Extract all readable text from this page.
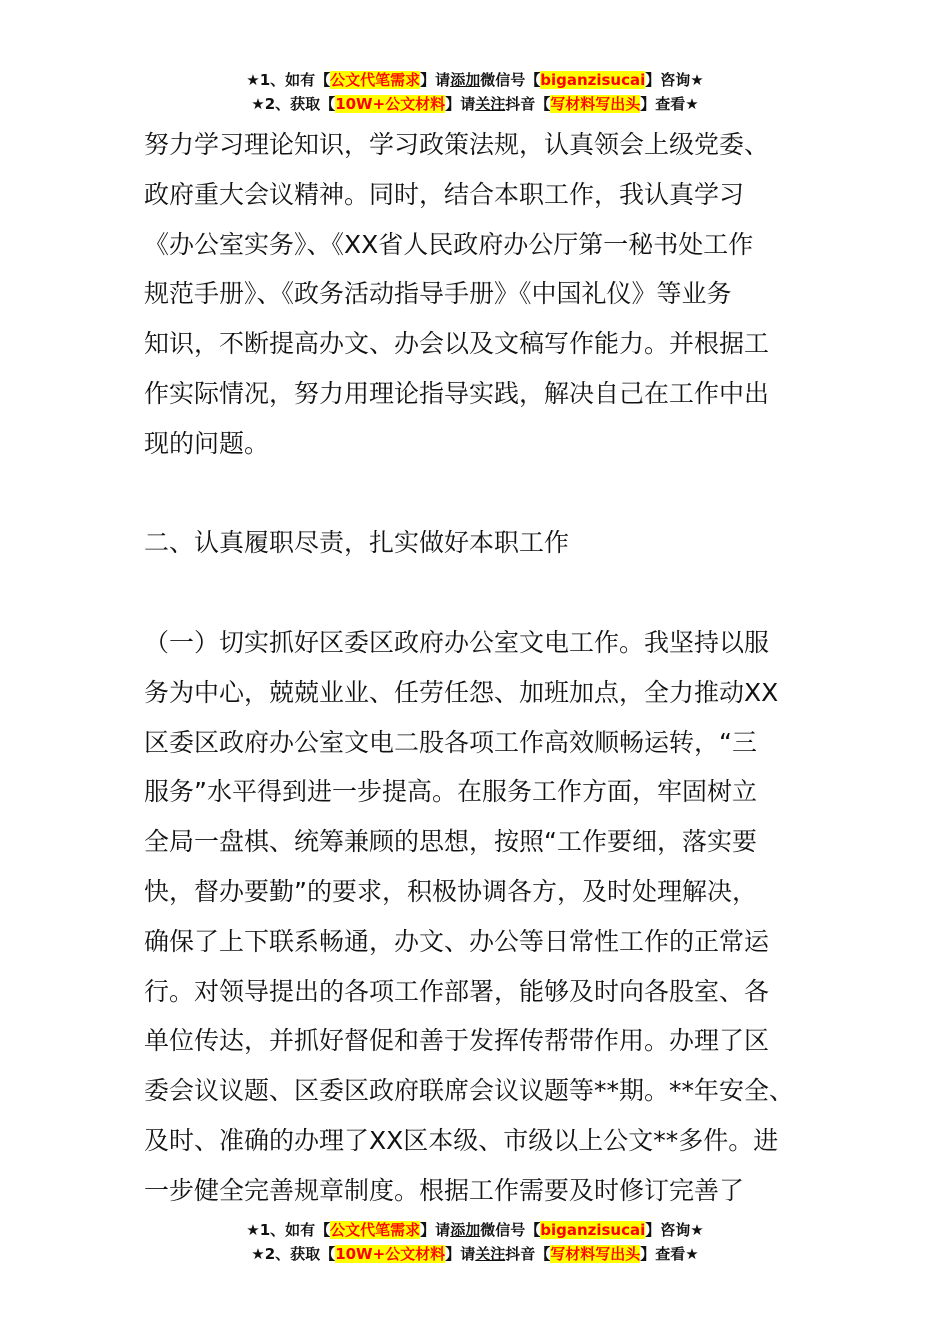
★1、如有【公文代笔需求】请添加微信号【biganzisucai】咨询★
★2、获取【10W+公文材料】请关注抖音【写材料写出头】查看★
努力学习理论知识，学习政策法规，认真领会上级党委、
政府重大会议精神。同时，结合本职工作，我认真学习
《办公室实务》、《XX省人民政府办公厅第一秘书处工作
规范手册》、《政务活动指导手册》《中国礼仪》等业务
知识，不断提高办文、办会以及文稿写作能力。并根据工
作实际情况，努力用理论指导实践，解决自己在工作中出
现的问题。
二、认真履职尽责，扎实做好本职工作
（一）切实抓好区委区政府办公室文电工作。我坚持以服
务为中心，兢兢业业、任劳任怨、加班加点，全力推动XX
区委区政府办公室文电二股各项工作高效顺畅运转，“三
服务”水平得到进一步提高。在服务工作方面，牢固树立
全局一盘棋、统筹兼顾的思想，按照“工作要细，落实要
快，督办要勤”的要求，积极协调各方，及时处理解决，
确保了上下联系畅通，办文、办公等日常性工作的正常运
行。对领导提出的各项工作部署，能够及时向各股室、各
单位传达，并抓好督促和善于发挥传帮带作用。办理了区
委会议议题、区委区政府联席会议议题等**期。**年安全、
及时、准确的办理了XX区本级、市级以上公文**多件。进
一步健全完善规章制度。根据工作需要及时修订完善了
★1、如有【公文代笔需求】请添加微信号【biganzisucai】咨询★
★2、获取【10W+公文材料】请关注抖音【写材料写出头】查看★
